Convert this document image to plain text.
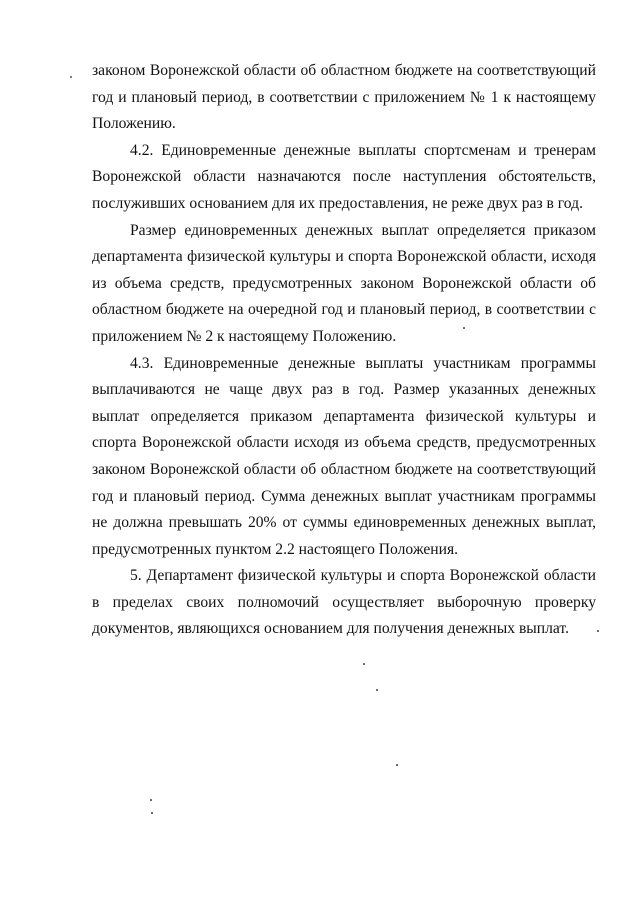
законом Воронежской области об областном бюджете на соответствующий год и плановый период, в соответствии с приложением № 1 к настоящему Положению.

4.2. Единовременные денежные выплаты спортсменам и тренерам Воронежской области назначаются после наступления обстоятельств, послуживших основанием для их предоставления, не реже двух раз в год.

Размер единовременных денежных выплат определяется приказом департамента физической культуры и спорта Воронежской области, исходя из объема средств, предусмотренных законом Воронежской области об областном бюджете на очередной год и плановый период, в соответствии с приложением № 2 к настоящему Положению.

4.3. Единовременные денежные выплаты участникам программы выплачиваются не чаще двух раз в год. Размер указанных денежных выплат определяется приказом департамента физической культуры и спорта Воронежской области исходя из объема средств, предусмотренных законом Воронежской области об областном бюджете на соответствующий год и плановый период. Сумма денежных выплат участникам программы не должна превышать 20% от суммы единовременных денежных выплат, предусмотренных пунктом 2.2 настоящего Положения.

5. Департамент физической культуры и спорта Воронежской области в пределах своих полномочий осуществляет выборочную проверку документов, являющихся основанием для получения денежных выплат.
